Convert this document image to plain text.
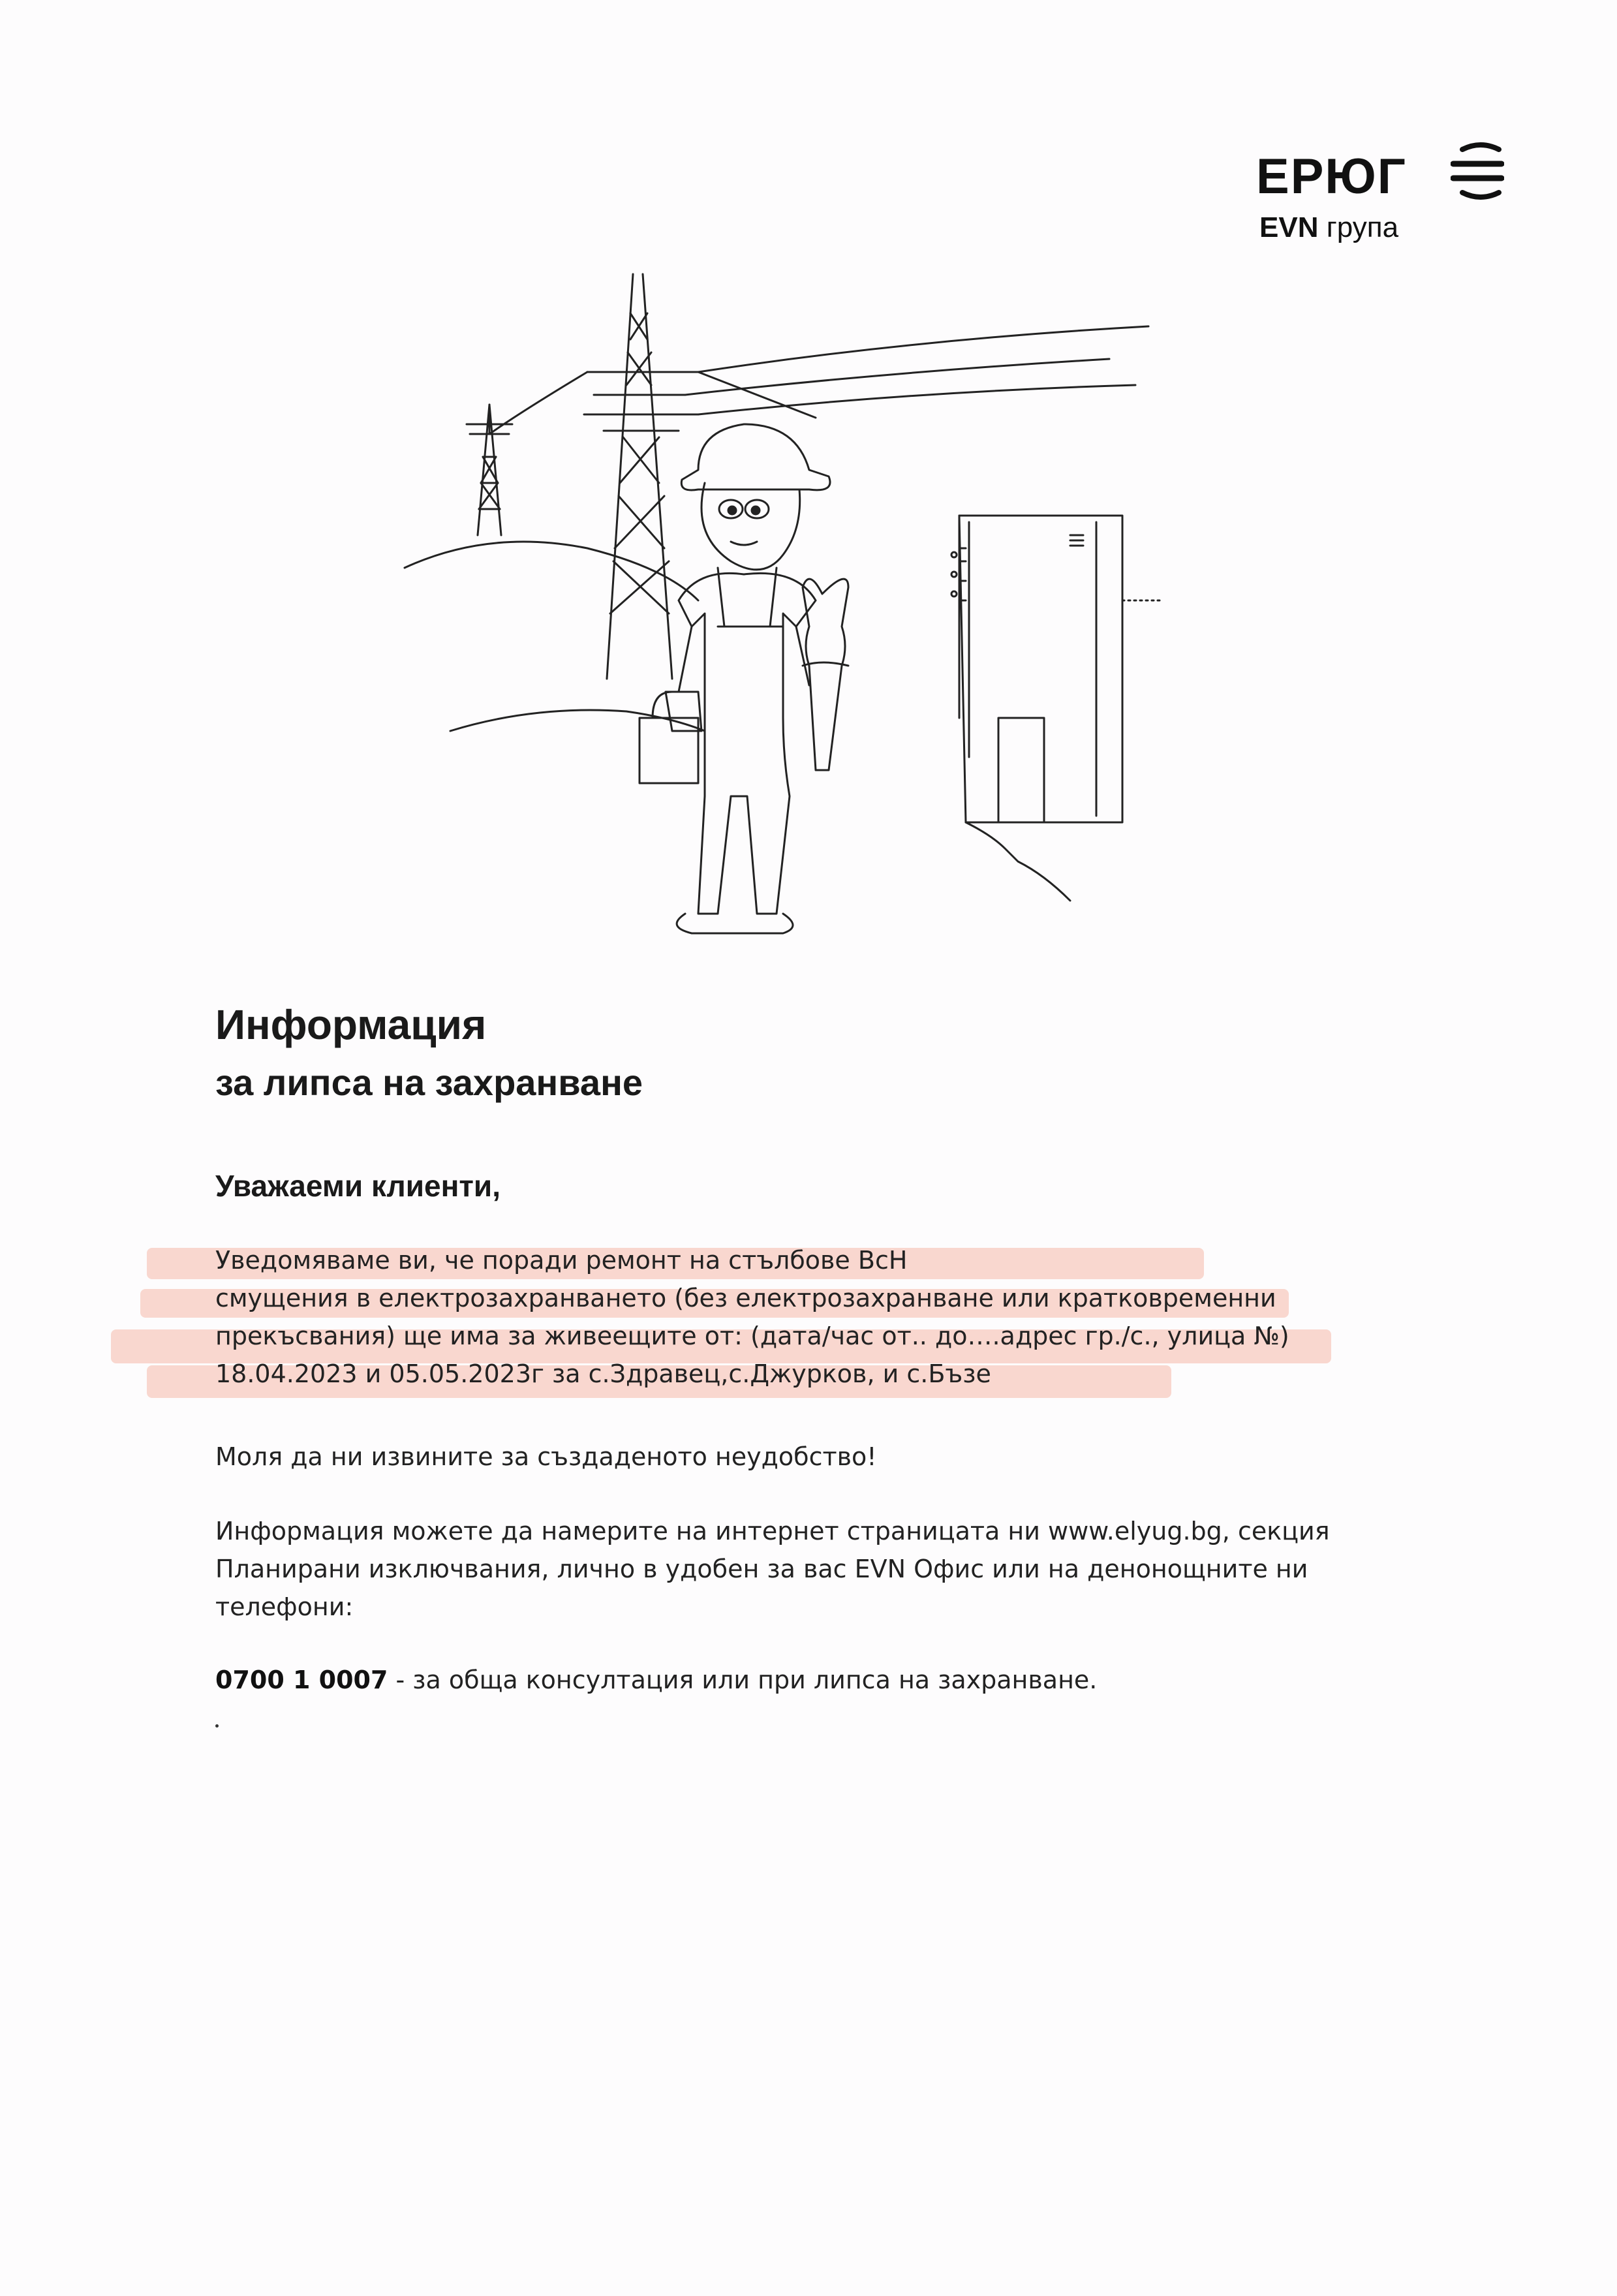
ЕРЮГ
EVN група
Информация
за липса на захранване
Уважаеми клиенти,
Уведомяваме ви, че поради ремонт на стълбове ВсН
смущения в електрозахранването (без електрозахранване или кратковременни
прекъсвания) ще има за живеещите от: (дата/час от.. до….адрес гр./с., улица №)
18.04.2023 и 05.05.2023г за с.Здравец,с.Джурков, и с.Бъзе
Моля да ни извините за създаденото неудобство!
Информация можете да намерите на интернет страницата ни www.elyug.bg, секция
Планирани изключвания, лично в удобен за вас EVN Офис или на денонощните ни
телефони:
0700 1 0007 - за обща консултация или при липса на захранване.
